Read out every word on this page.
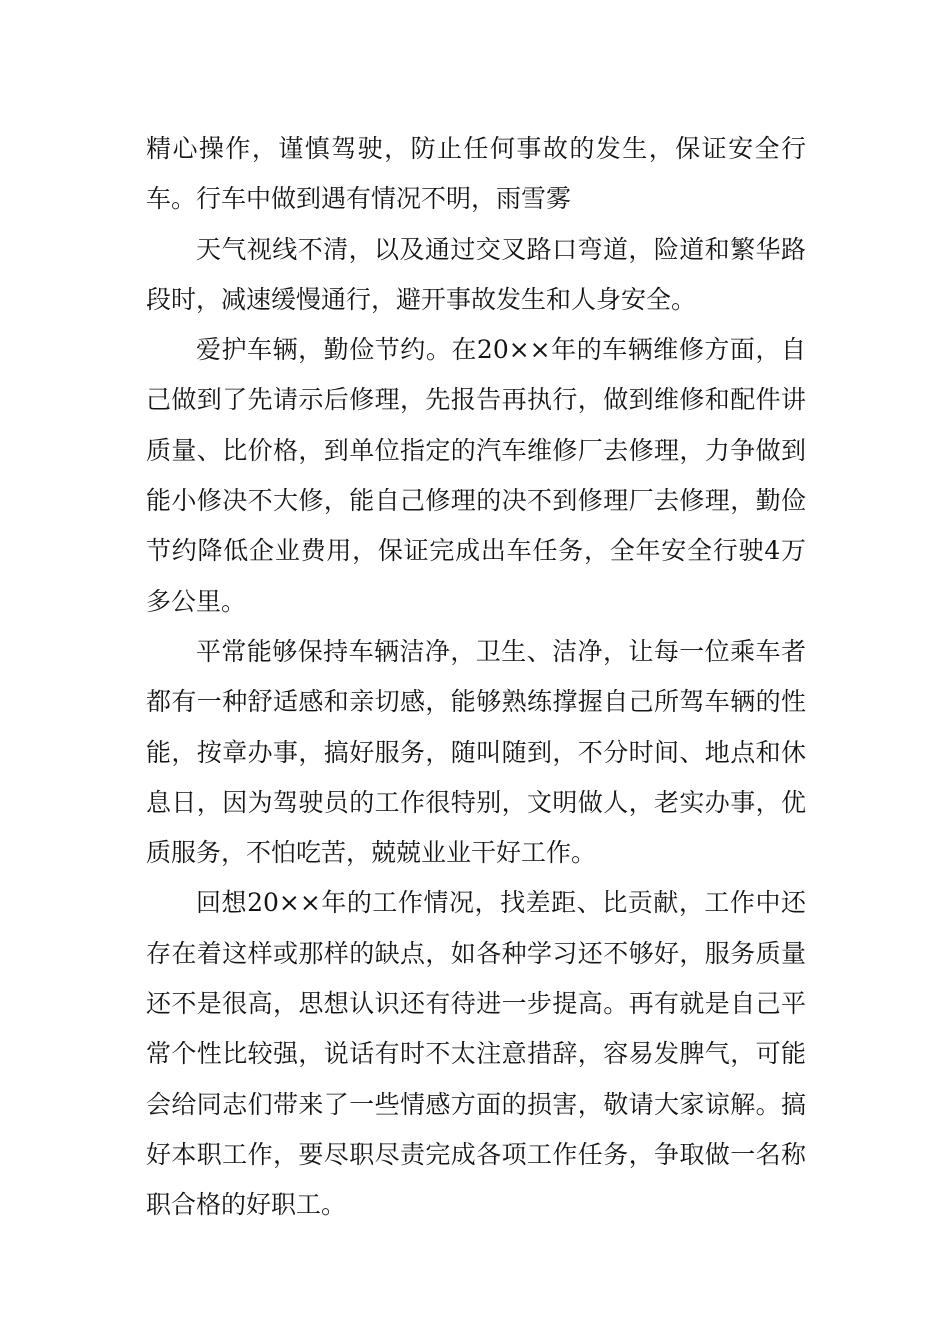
精心操作，谨慎驾驶，防止任何事故的发生，保证安全行车。行车中做到遇有情况不明，雨雪雾

天气视线不清，以及通过交叉路口弯道，险道和繁华路段时，减速缓慢通行，避开事故发生和人身安全。

爱护车辆，勤俭节约。在20××年的车辆维修方面，自己做到了先请示后修理，先报告再执行，做到维修和配件讲质量、比价格，到单位指定的汽车维修厂去修理，力争做到能小修决不大修，能自己修理的决不到修理厂去修理，勤俭节约降低企业费用，保证完成出车任务，全年安全行驶4万多公里。

平常能够保持车辆洁净，卫生、洁净，让每一位乘车者都有一种舒适感和亲切感，能够熟练撑握自己所驾车辆的性能，按章办事，搞好服务，随叫随到，不分时间、地点和休息日，因为驾驶员的工作很特别，文明做人，老实办事，优质服务，不怕吃苦，兢兢业业干好工作。

回想20××年的工作情况，找差距、比贡献，工作中还存在着这样或那样的缺点，如各种学习还不够好，服务质量还不是很高，思想认识还有待进一步提高。再有就是自己平常个性比较强，说话有时不太注意措辞，容易发脾气，可能会给同志们带来了一些情感方面的损害，敬请大家谅解。搞好本职工作，要尽职尽责完成各项工作任务，争取做一名称职合格的好职工。
